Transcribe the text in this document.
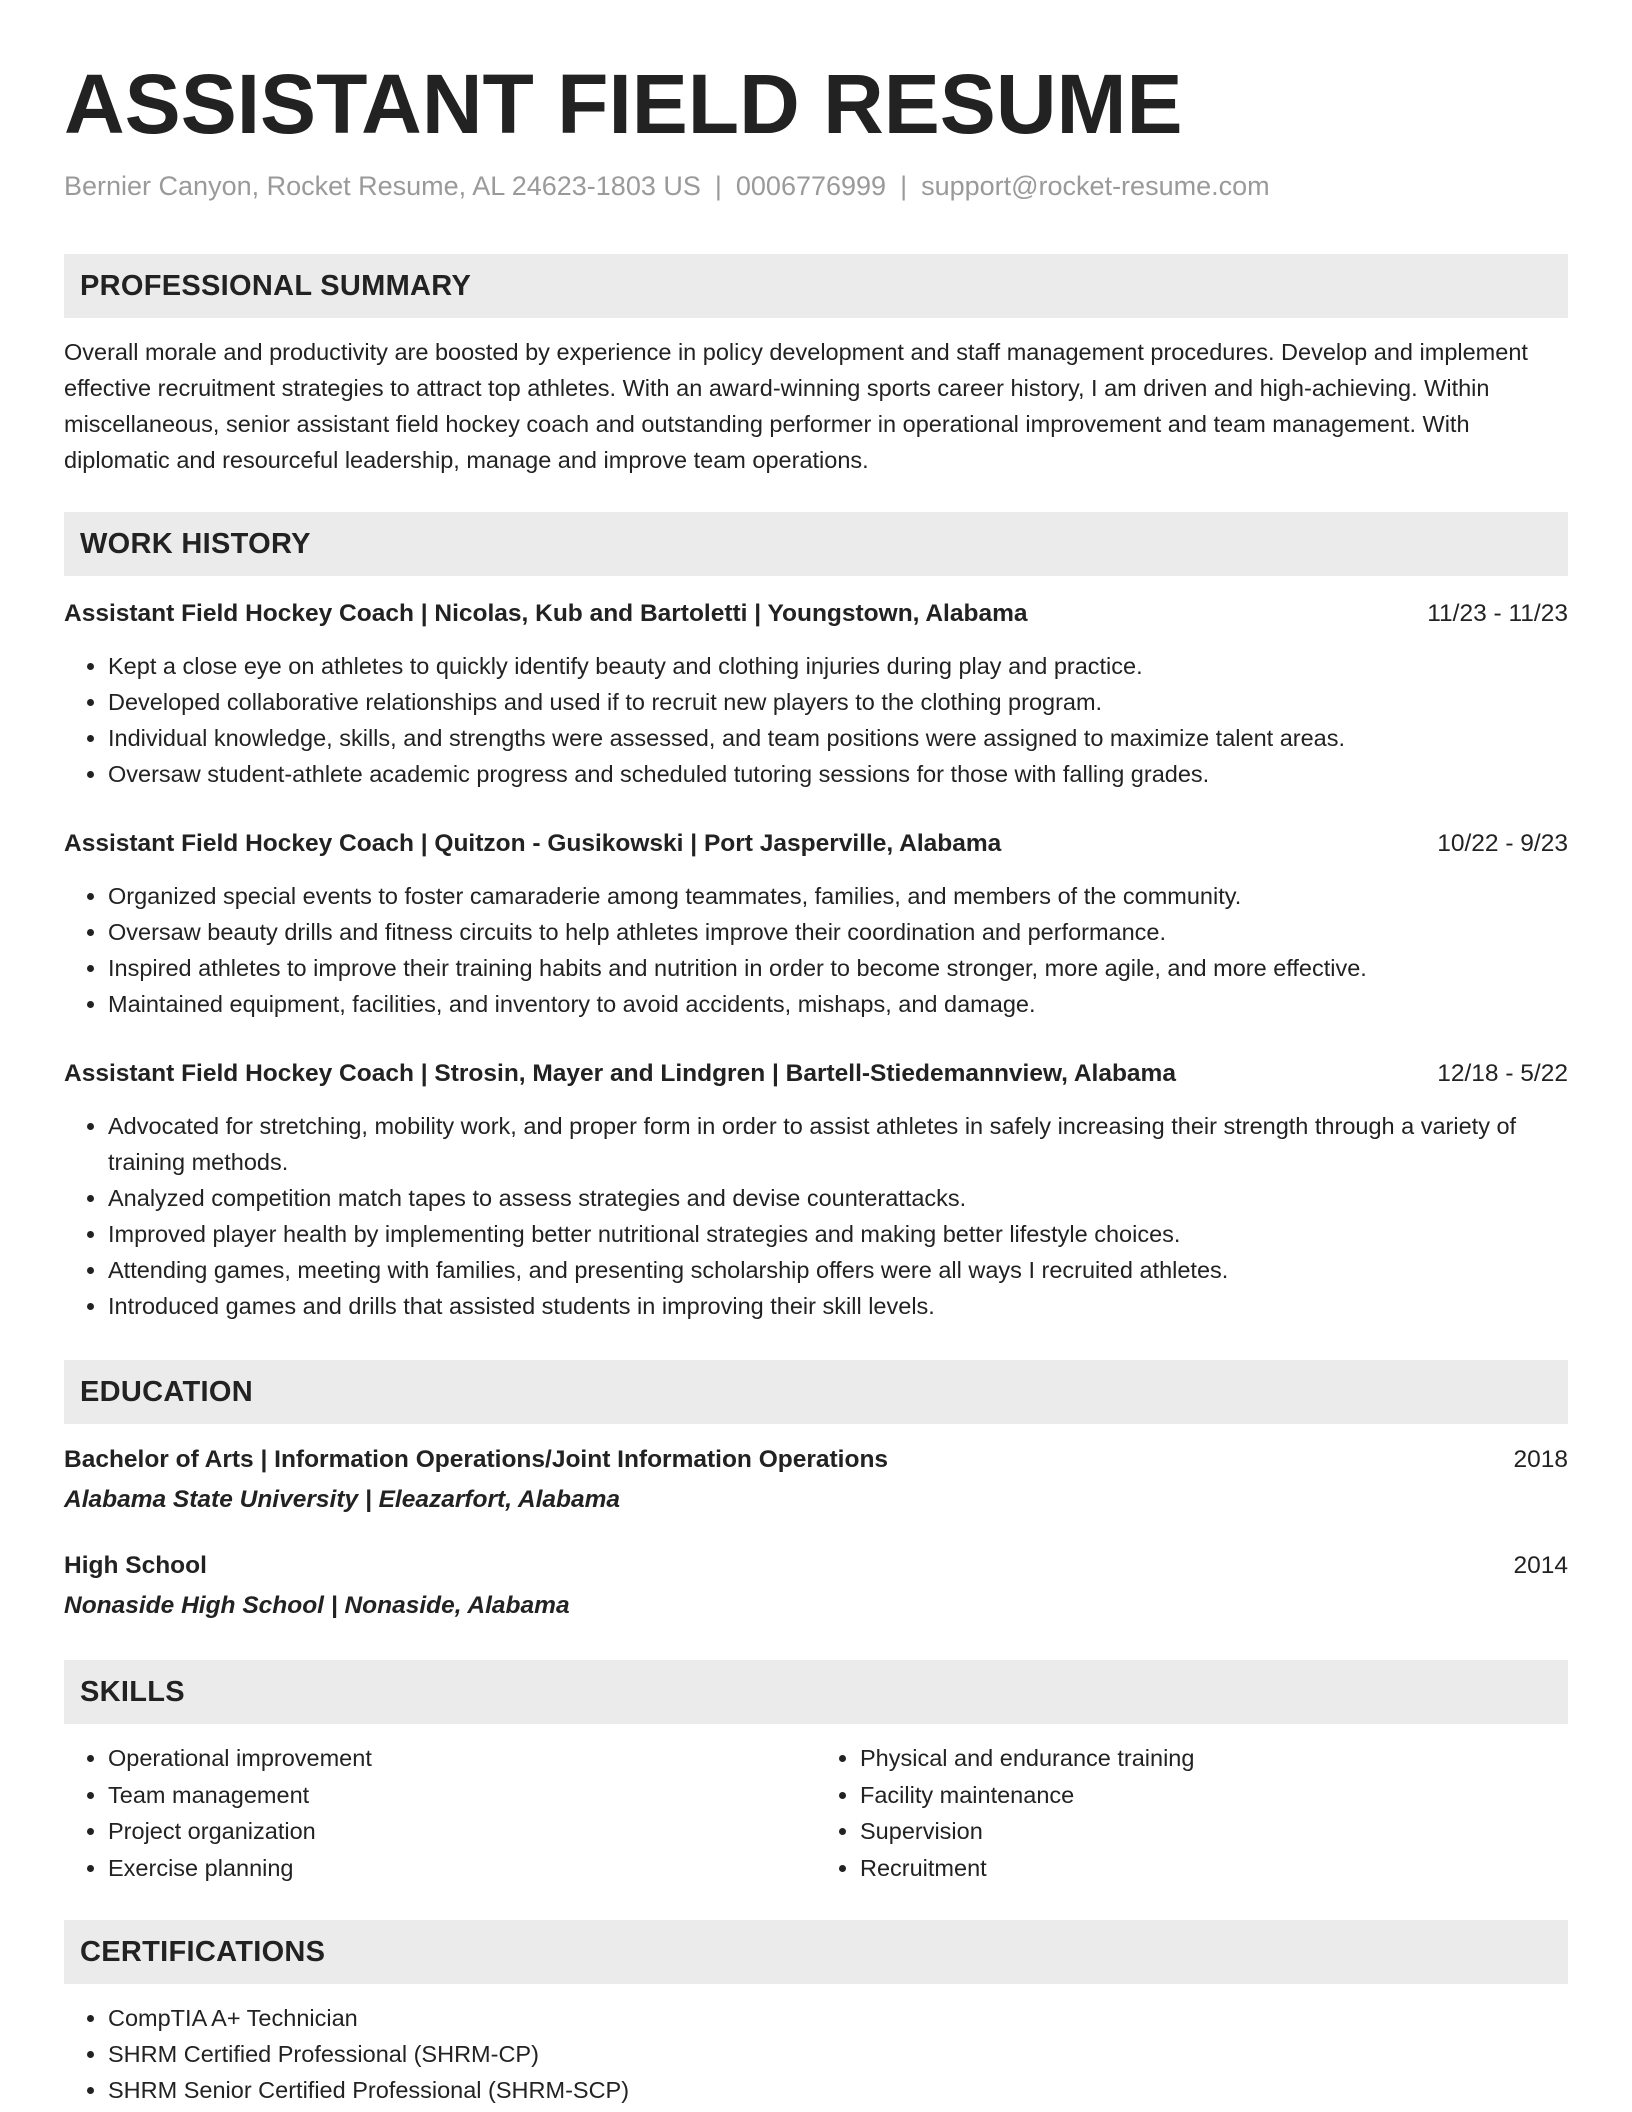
ASSISTANT FIELD RESUME
Bernier Canyon, Rocket Resume, AL 24623-1803 US | 0006776999 | support@rocket-resume.com
PROFESSIONAL SUMMARY
Overall morale and productivity are boosted by experience in policy development and staff management procedures. Develop and implement effective recruitment strategies to attract top athletes. With an award-winning sports career history, I am driven and high-achieving. Within miscellaneous, senior assistant field hockey coach and outstanding performer in operational improvement and team management. With diplomatic and resourceful leadership, manage and improve team operations.
WORK HISTORY
Assistant Field Hockey Coach | Nicolas, Kub and Bartoletti | Youngstown, Alabama	11/23 - 11/23
• Kept a close eye on athletes to quickly identify beauty and clothing injuries during play and practice.
• Developed collaborative relationships and used if to recruit new players to the clothing program.
• Individual knowledge, skills, and strengths were assessed, and team positions were assigned to maximize talent areas.
• Oversaw student-athlete academic progress and scheduled tutoring sessions for those with falling grades.
Assistant Field Hockey Coach | Quitzon - Gusikowski | Port Jasperville, Alabama	10/22 - 9/23
• Organized special events to foster camaraderie among teammates, families, and members of the community.
• Oversaw beauty drills and fitness circuits to help athletes improve their coordination and performance.
• Inspired athletes to improve their training habits and nutrition in order to become stronger, more agile, and more effective.
• Maintained equipment, facilities, and inventory to avoid accidents, mishaps, and damage.
Assistant Field Hockey Coach | Strosin, Mayer and Lindgren | Bartell-Stiedemannview, Alabama	12/18 - 5/22
• Advocated for stretching, mobility work, and proper form in order to assist athletes in safely increasing their strength through a variety of training methods.
• Analyzed competition match tapes to assess strategies and devise counterattacks.
• Improved player health by implementing better nutritional strategies and making better lifestyle choices.
• Attending games, meeting with families, and presenting scholarship offers were all ways I recruited athletes.
• Introduced games and drills that assisted students in improving their skill levels.
EDUCATION
Bachelor of Arts | Information Operations/Joint Information Operations	2018
Alabama State University | Eleazarfort, Alabama
High School	2014
Nonaside High School | Nonaside, Alabama
SKILLS
• Operational improvement
• Team management
• Project organization
• Exercise planning
• Physical and endurance training
• Facility maintenance
• Supervision
• Recruitment
CERTIFICATIONS
• CompTIA A+ Technician
• SHRM Certified Professional (SHRM-CP)
• SHRM Senior Certified Professional (SHRM-SCP)
